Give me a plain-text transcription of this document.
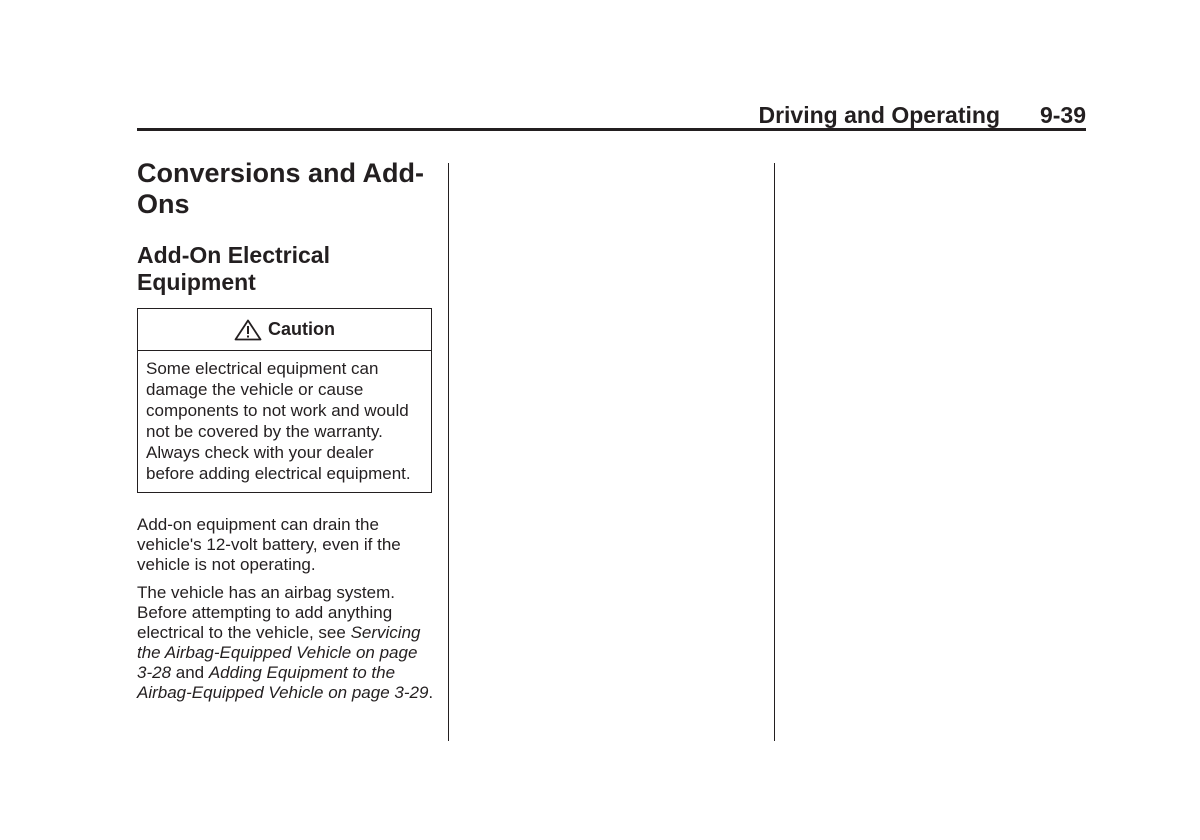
Driving and Operating 9-39
Conversions and Add-Ons
Add-On Electrical Equipment
Caution
Some electrical equipment can damage the vehicle or cause components to not work and would not be covered by the warranty. Always check with your dealer before adding electrical equipment.

Add-on equipment can drain the vehicle's 12-volt battery, even if the vehicle is not operating.

The vehicle has an airbag system. Before attempting to add anything electrical to the vehicle, see Servicing the Airbag-Equipped Vehicle on page 3-28 and Adding Equipment to the Airbag-Equipped Vehicle on page 3-29.
